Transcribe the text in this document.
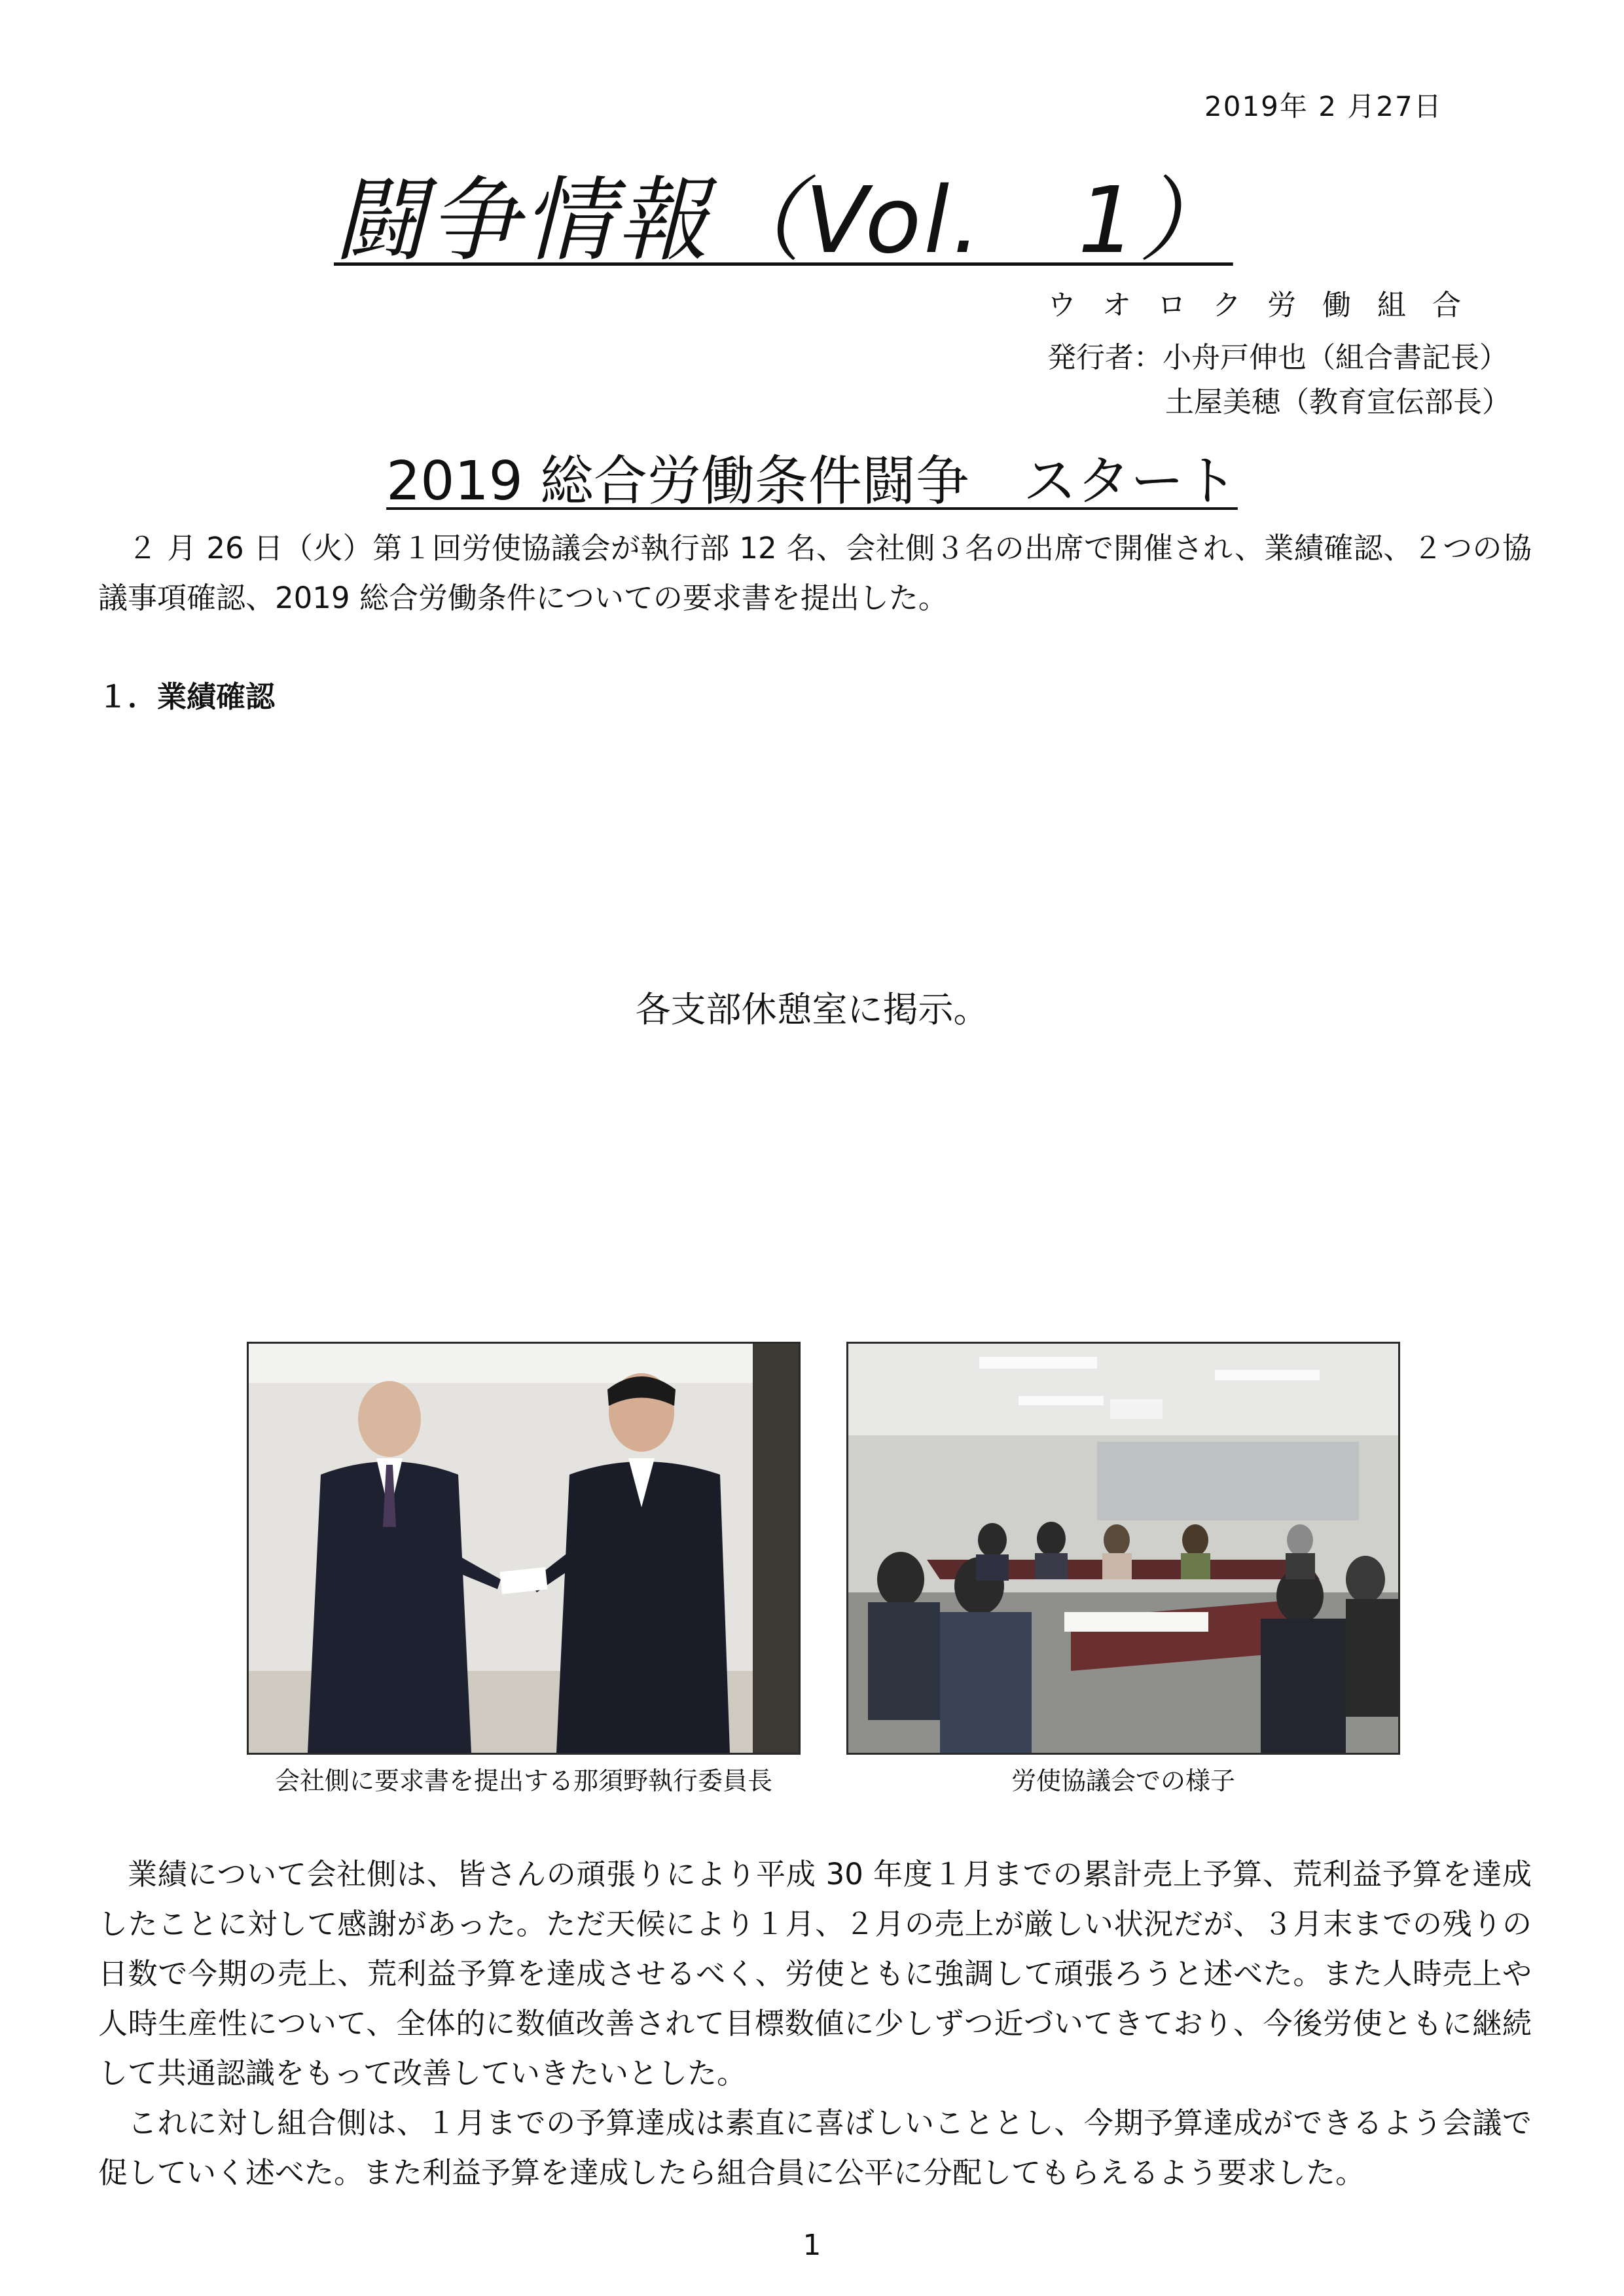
2019年 2 月27日
闘争情報（Vol.　1）
ウオロク労働組合
発行者：小舟戸伸也（組合書記長）
土屋美穂（教育宣伝部長）
2019 総合労働条件闘争　スタート
２ 月 26 日（火）第１回労使協議会が執行部 12 名、会社側３名の出席で開催され、業績確認、２つの協議事項確認、2019 総合労働条件についての要求書を提出した。
１．業績確認
各支部休憩室に掲示。
会社側に要求書を提出する那須野執行委員長	労使協議会での様子
業績について会社側は、皆さんの頑張りにより平成 30 年度１月までの累計売上予算、荒利益予算を達成したことに対して感謝があった。ただ天候により１月、２月の売上が厳しい状況だが、３月末までの残りの日数で今期の売上、荒利益予算を達成させるべく、労使ともに強調して頑張ろうと述べた。また人時売上や人時生産性について、全体的に数値改善されて目標数値に少しずつ近づいてきており、今後労使ともに継続して共通認識をもって改善していきたいとした。
これに対し組合側は、１月までの予算達成は素直に喜ばしいこととし、今期予算達成ができるよう会議で促していく述べた。また利益予算を達成したら組合員に公平に分配してもらえるよう要求した。
1
